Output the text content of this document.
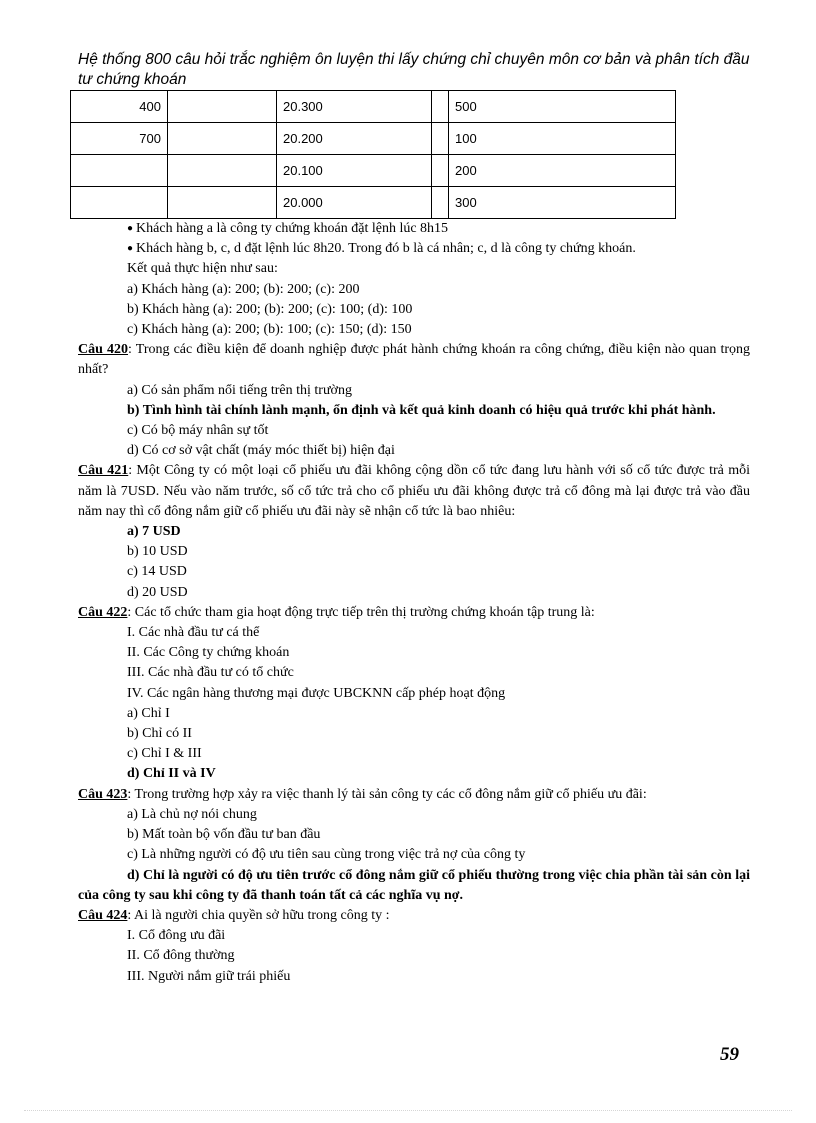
Hệ thống 800 câu hỏi trắc nghiệm ôn luyện thi lấy chứng chỉ chuyên môn cơ bản và phân tích đầu tư chứng khoán
400		20.300		500
700		20.200		100
		20.100		200
		20.000		300

● Khách hàng a là công ty chứng khoán đặt lệnh lúc 8h15

● Khách hàng b, c, d đặt lệnh lúc 8h20. Trong đó b là cá nhân; c, d là công ty chứng khoán.

Kết quả thực hiện như sau:

a) Khách hàng (a): 200; (b): 200; (c): 200

b) Khách hàng (a): 200; (b): 200; (c): 100; (d): 100

c) Khách hàng (a): 200; (b): 100; (c): 150; (d): 150

Câu 420: Trong các điều kiện để doanh nghiệp được phát hành chứng khoán ra công chứng, điều kiện nào quan trọng nhất?

a) Có sản phẩm nổi tiếng trên thị trường

b) Tình hình tài chính lành mạnh, ổn định và kết quả kinh doanh có hiệu quả trước khi phát hành.

c) Có bộ máy nhân sự tốt

d) Có cơ sở vật chất (máy móc thiết bị) hiện đại

Câu 421: Một Công ty có một loại cổ phiếu ưu đãi không cộng dồn cổ tức đang lưu hành với số cổ tức được trả mỗi năm là 7USD. Nếu vào năm trước, số cổ tức trả cho cổ phiếu ưu đãi không được trả cổ đông mà lại được trả vào đầu năm nay thì cổ đông nắm giữ cổ phiếu ưu đãi này sẽ nhận cổ tức là bao nhiêu:

a) 7 USD

b) 10 USD

c) 14 USD

d) 20 USD

Câu 422: Các tổ chức tham gia hoạt động trực tiếp trên thị trường chứng khoán tập trung là:

I. Các nhà đầu tư cá thể

II. Các Công ty chứng khoán

III. Các nhà đầu tư có tổ chức

IV. Các ngân hàng thương mại được UBCKNN cấp phép hoạt động

a) Chỉ I

b) Chỉ có II

c) Chỉ I & III

d) Chỉ II và IV

Câu 423: Trong trường hợp xảy ra việc thanh lý tài sản công ty các cổ đông nắm giữ cổ phiếu ưu đãi:

a) Là chủ nợ nói chung

b) Mất toàn bộ vốn đầu tư ban đầu

c) Là những người có độ ưu tiên sau cùng trong việc trả nợ của công ty

d) Chỉ là người có độ ưu tiên trước cổ đông nắm giữ cổ phiếu thường trong việc chia phần tài sản còn lại của công ty sau khi công ty đã thanh toán tất cả các nghĩa vụ nợ.

Câu 424: Ai là người chia quyền sở hữu trong công ty :

I. Cổ đông ưu đãi

II. Cổ đông thường

III. Người nắm giữ trái phiếu

59
